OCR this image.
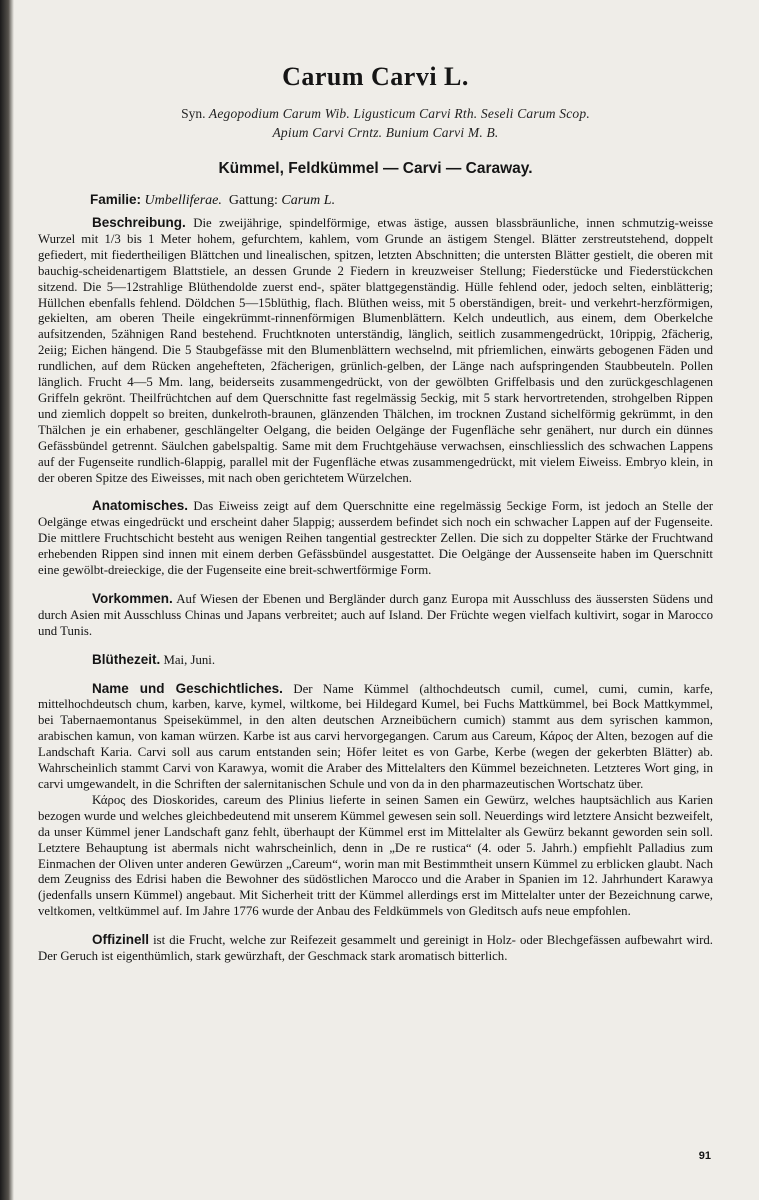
Carum Carvi L.
Syn. Aegopodium Carum Wib. Ligusticum Carvi Rth. Seseli Carum Scop.
Apium Carvi Crntz. Bunium Carvi M. B.
Kümmel, Feldkümmel — Carvi — Caraway.
Familie: Umbelliferae. Gattung: Carum L.

Beschreibung. Die zweijährige, spindelförmige, etwas ästige, aussen blassbräunliche, innen schmutzig-weisse Wurzel mit 1/3 bis 1 Meter hohem, gefurchtem, kahlem, vom Grunde an ästigem Stengel. Blätter zerstreutstehend, doppelt gefiedert, mit fiedertheiligen Blättchen und linealischen, spitzen, letzten Abschnitten; die untersten Blätter gestielt, die oberen mit bauchig-scheidenartigem Blattstiele, an dessen Grunde 2 Fiedern in kreuzweiser Stellung; Fiederstücke und Fiederstückchen sitzend. Die 5—12strahlige Blüthendolde zuerst end-, später blattgegenständig. Hülle fehlend oder, jedoch selten, einblätterig; Hüllchen ebenfalls fehlend. Döldchen 5—15blüthig, flach. Blüthen weiss, mit 5 oberständigen, breit- und verkehrt-herzförmigen, gekielten, am oberen Theile eingekrümmt-rinnenförmigen Blumenblättern. Kelch undeutlich, aus einem, dem Oberkelche aufsitzenden, 5zähnigen Rand bestehend. Fruchtknoten unterständig, länglich, seitlich zusammengedrückt, 10rippig, 2fächerig, 2eiig; Eichen hängend. Die 5 Staubgefässe mit den Blumenblättern wechselnd, mit pfriemlichen, einwärts gebogenen Fäden und rundlichen, auf dem Rücken angehefteten, 2fächerigen, grünlich-gelben, der Länge nach aufspringenden Staubbeuteln. Pollen länglich. Frucht 4—5 Mm. lang, beiderseits zusammengedrückt, von der gewölbten Griffelbasis und den zurückgeschlagenen Griffeln gekrönt. Theilfrüchtchen auf dem Querschnitte fast regelmässig 5eckig, mit 5 stark hervortretenden, strohgelben Rippen und ziemlich doppelt so breiten, dunkelroth-braunen, glänzenden Thälchen, im trocknen Zustand sichelförmig gekrümmt, in den Thälchen je ein erhabener, geschlängelter Oelgang, die beiden Oelgänge der Fugenfläche sehr genähert, nur durch ein dünnes Gefässbündel getrennt. Säulchen gabelspaltig. Same mit dem Fruchtgehäuse verwachsen, einschliesslich des schwachen Lappens auf der Fugenseite rundlich-6lappig, parallel mit der Fugenfläche etwas zusammengedrückt, mit vielem Eiweiss. Embryo klein, in der oberen Spitze des Eiweisses, mit nach oben gerichtetem Würzelchen.

Anatomisches. Das Eiweiss zeigt auf dem Querschnitte eine regelmässig 5eckige Form, ist jedoch an Stelle der Oelgänge etwas eingedrückt und erscheint daher 5lappig; ausserdem befindet sich noch ein schwacher Lappen auf der Fugenseite. Die mittlere Fruchtschicht besteht aus wenigen Reihen tangential gestreckter Zellen. Die sich zu doppelter Stärke der Fruchtwand erhebenden Rippen sind innen mit einem derben Gefässbündel ausgestattet. Die Oelgänge der Aussenseite haben im Querschnitt eine gewölbt-dreieckige, die der Fugenseite eine breit-schwertförmige Form.

Vorkommen. Auf Wiesen der Ebenen und Bergländer durch ganz Europa mit Ausschluss des äussersten Südens und durch Asien mit Ausschluss Chinas und Japans verbreitet; auch auf Island. Der Früchte wegen vielfach kultivirt, sogar in Marocco und Tunis.

Blüthezeit. Mai, Juni.

Name und Geschichtliches. Der Name Kümmel (althochdeutsch cumil, cumel, cumi, cumin, karfe, mittelhochdeutsch chum, karben, karve, kymel, wiltkome, bei Hildegard Kumel, bei Fuchs Mattkümmel, bei Bock Mattkymmel, bei Tabernaemontanus Speisekümmel, in den alten deutschen Arzneibüchern cumich) stammt aus dem syrischen kammon, arabischen kamun, von kaman würzen. Karbe ist aus carvi hervorgegangen. Carum aus Careum, Κάρος der Alten, bezogen auf die Landschaft Karia. Carvi soll aus carum entstanden sein; Höfer leitet es von Garbe, Kerbe (wegen der gekerbten Blätter) ab. Wahrscheinlich stammt Carvi von Karawya, womit die Araber des Mittelalters den Kümmel bezeichneten. Letzteres Wort ging, in carvi umgewandelt, in die Schriften der salernitanischen Schule und von da in den pharmazeutischen Wortschatz über.

Κάρος des Dioskorides, careum des Plinius lieferte in seinen Samen ein Gewürz, welches hauptsächlich aus Karien bezogen wurde und welches gleichbedeutend mit unserem Kümmel gewesen sein soll. Neuerdings wird letztere Ansicht bezweifelt, da unser Kümmel jener Landschaft ganz fehlt, überhaupt der Kümmel erst im Mittelalter als Gewürz bekannt geworden sein soll. Letztere Behauptung ist abermals nicht wahrscheinlich, denn in „De re rustica“ (4. oder 5. Jahrh.) empfiehlt Palladius zum Einmachen der Oliven unter anderen Gewürzen „Careum“, worin man mit Bestimmtheit unsern Kümmel zu erblicken glaubt. Nach dem Zeugniss des Edrisi haben die Bewohner des südöstlichen Marocco und die Araber in Spanien im 12. Jahrhundert Karawya (jedenfalls unsern Kümmel) angebaut. Mit Sicherheit tritt der Kümmel allerdings erst im Mittelalter unter der Bezeichnung carwe, veltkomen, veltkümmel auf. Im Jahre 1776 wurde der Anbau des Feldkümmels von Gleditsch aufs neue empfohlen.

Offizinell ist die Frucht, welche zur Reifezeit gesammelt und gereinigt in Holz- oder Blechgefässen aufbewahrt wird. Der Geruch ist eigenthümlich, stark gewürzhaft, der Geschmack stark aromatisch bitterlich.

91
